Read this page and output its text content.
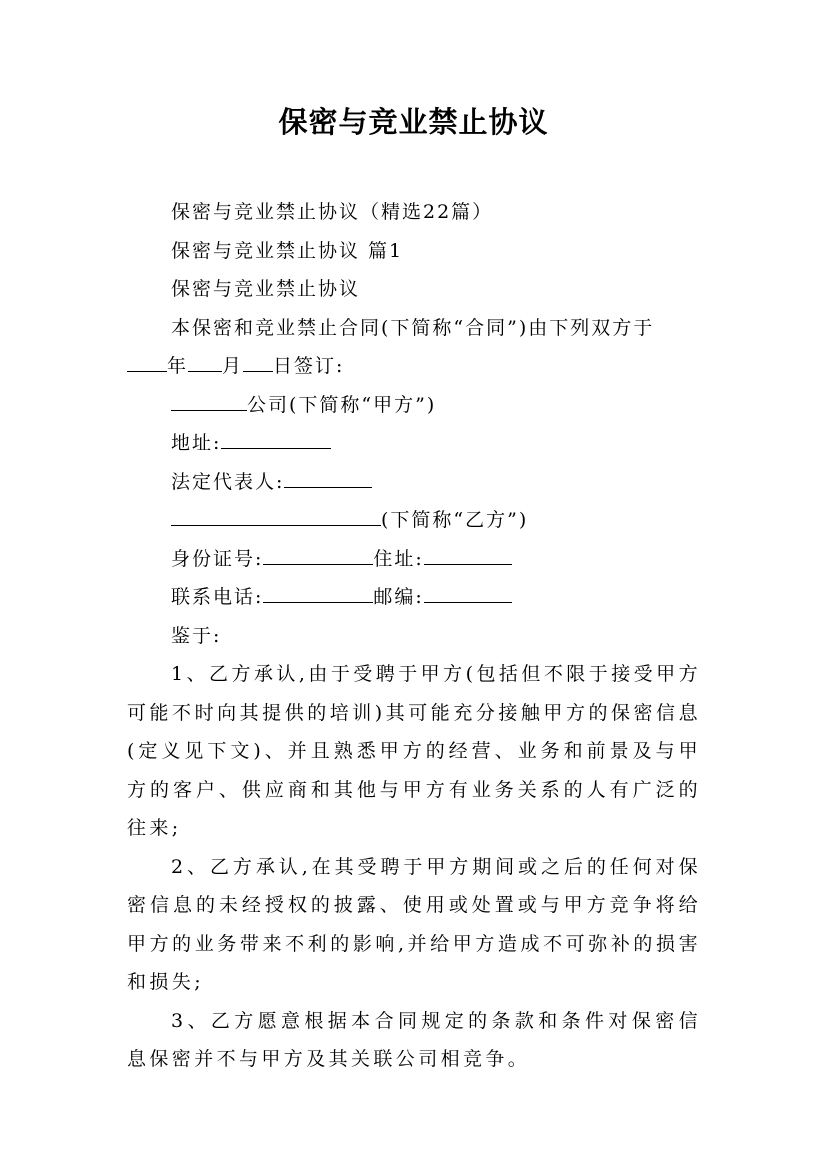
保密与竞业禁止协议
保密与竞业禁止协议（精选22篇）
保密与竞业禁止协议 篇1
保密与竞业禁止协议
本保密和竞业禁止合同(下简称“合同”)由下列双方于
年 月 日签订:
公司(下简称“甲方”)
地址:
法定代表人:
(下简称“乙方”)
身份证号:	住址:
联系电话:	邮编:
鉴于:
1、乙方承认,由于受聘于甲方(包括但不限于接受甲方可能不时向其提供的培训)其可能充分接触甲方的保密信息(定义见下文)、并且熟悉甲方的经营、业务和前景及与甲方的客户、供应商和其他与甲方有业务关系的人有广泛的往来;
2、乙方承认,在其受聘于甲方期间或之后的任何对保密信息的未经授权的披露、使用或处置或与甲方竞争将给甲方的业务带来不利的影响,并给甲方造成不可弥补的损害和损失;
3、乙方愿意根据本合同规定的条款和条件对保密信息保密并不与甲方及其关联公司相竞争。
